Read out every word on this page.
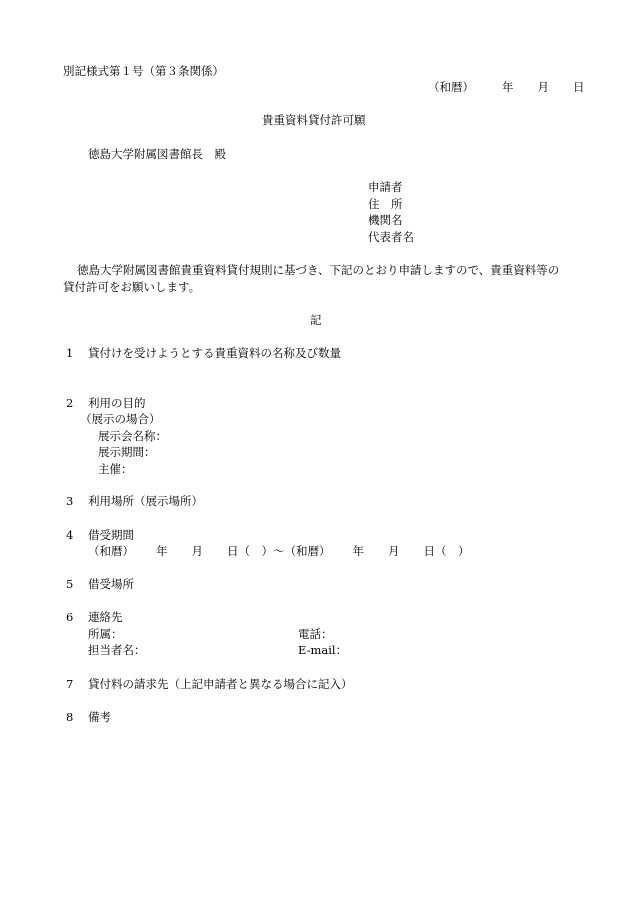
別記様式第１号（第３条関係）
（和暦） 年 月 日
貴重資料貸付許可願
徳島大学附属図書館長　殿
申請者
住　所
機関名
代表者名
徳島大学附属図書館貴重資料貸付規則に基づき、下記のとおり申請しますので、貴重資料等の
貸付許可をお願いします。
記
1 貸付けを受けようとする貴重資料の名称及び数量
2 利用の目的
（展示の場合）
展示会名称：
展示期間：
主催：
3 利用場所（展示場所）
4 借受期間
（和暦） 年 月 日（　）～（和暦） 年 月 日（　）
5 借受場所
6 連絡先
所属：	電話：
担当者名：	E-mail：
7 貸付料の請求先（上記申請者と異なる場合に記入）
8 備考
